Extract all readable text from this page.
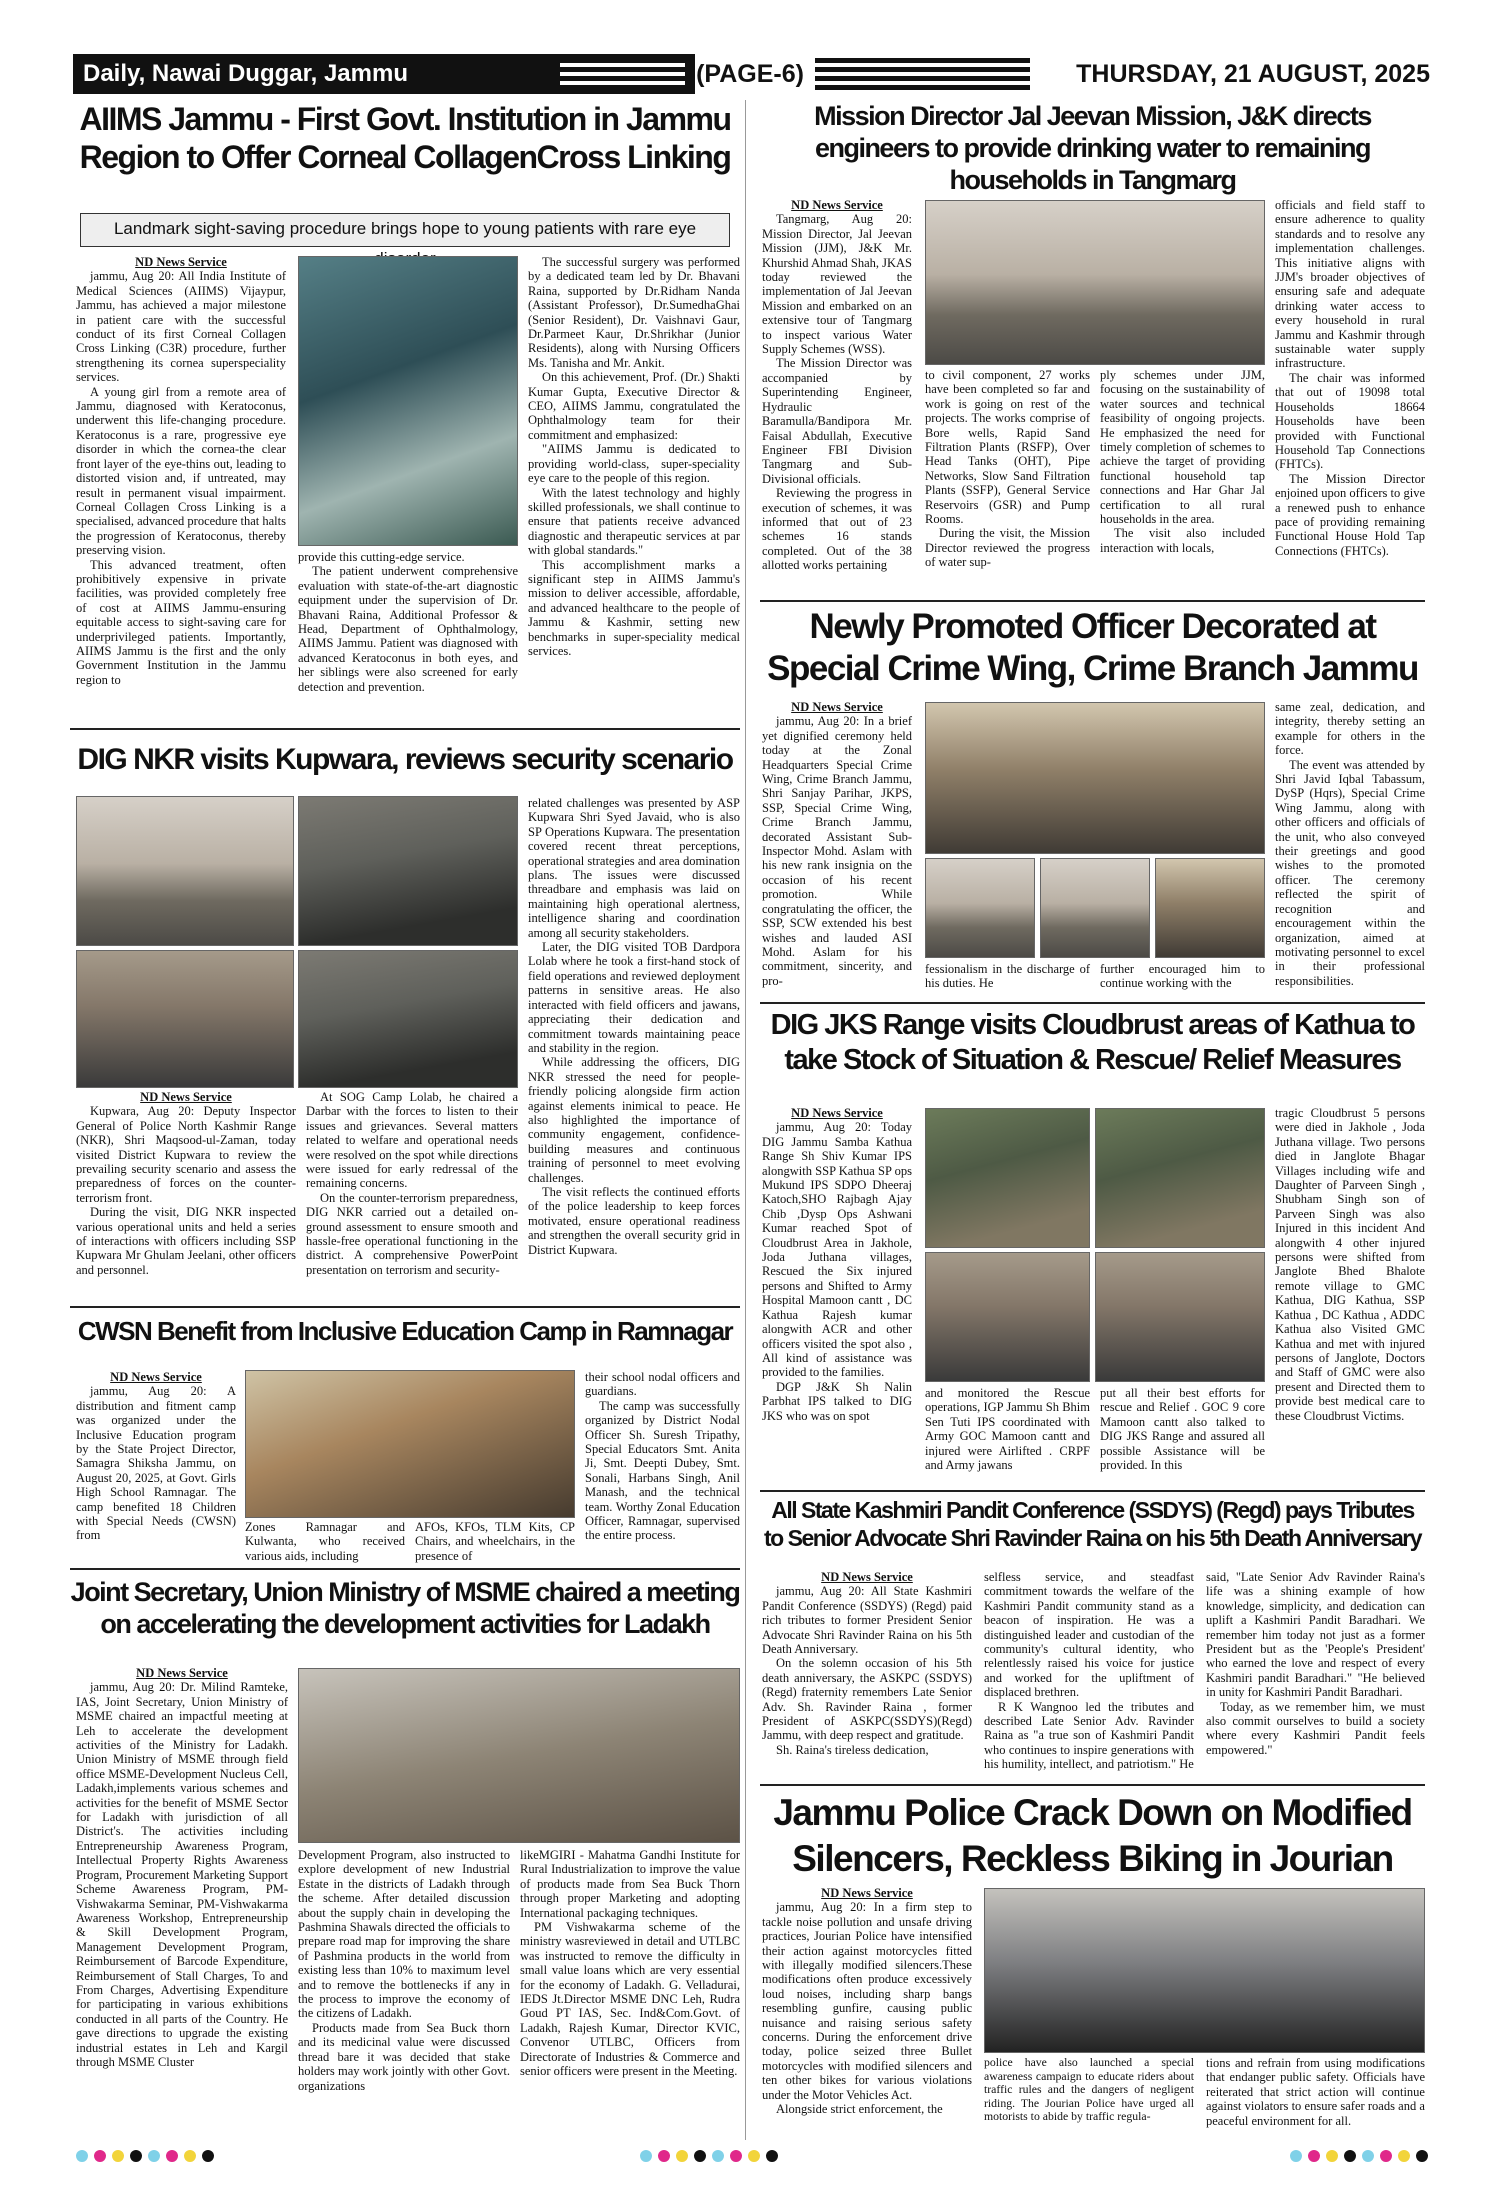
Daily, Nawai Duggar, Jammu	(PAGE-6)	THURSDAY, 21 AUGUST, 2025
AIIMS Jammu - First Govt. Institution in Jammu Region to Offer Corneal CollagenCross Linking
Landmark sight-saving procedure brings hope to young patients with rare eye

ND News Service

jammu, Aug 20: All India Institute of Medical Sciences (AIIMS) Vijaypur, Jammu, has achieved a major milestone in patient care with the successful conduct of its first Corneal Collagen Cross Linking (C3R) procedure, further strengthening its cornea superspeciality services.

A young girl from a remote area of Jammu, diagnosed with Keratoconus, underwent this life-changing procedure. Keratoconus is a rare, progressive eye disorder in which the cornea-the clear front layer of the eye-thins out, leading to distorted vision and, if untreated, may result in permanent visual impairment. Corneal Collagen Cross Linking is a specialised, advanced procedure that halts the progression of Keratoconus, thereby preserving vision.

This advanced treatment, often prohibitively expensive in private facilities, was provided completely free of cost at AIIMS Jammu-ensuring equitable access to sight-saving care for underprivileged patients. Importantly, AIIMS Jammu is the first and the only Government Institution in the Jammu region to

provide this cutting-edge service.

The patient underwent comprehensive evaluation with state-of-the-art diagnostic equipment under the supervision of Dr. Bhavani Raina, Additional Professor & Head, Department of Ophthalmology, AIIMS Jammu. Patient was diagnosed with advanced Keratoconus in both eyes, and her siblings were also screened for early detection and prevention.

The successful surgery was performed by a dedicated team led by Dr. Bhavani Raina, supported by Dr.Ridham Nanda (Assistant Professor), Dr.SumedhaGhai (Senior Resident), Dr. Vaishnavi Gaur, Dr.Parmeet Kaur, Dr.Shrikhar (Junior Residents), along with Nursing Officers Ms. Tanisha and Mr. Ankit.

On this achievement, Prof. (Dr.) Shakti Kumar Gupta, Executive Director & CEO, AIIMS Jammu, congratulated the Ophthalmology team for their commitment and emphasized:

"AIIMS Jammu is dedicated to providing world-class, super-speciality eye care to the people of this region.

With the latest technology and highly skilled professionals, we shall continue to ensure that patients receive advanced diagnostic and therapeutic services at par with global standards."

This accomplishment marks a significant step in AIIMS Jammu's mission to deliver accessible, affordable, and advanced healthcare to the people of Jammu & Kashmir, setting new benchmarks in super-speciality medical services.

DIG NKR visits Kupwara, reviews security scenario

ND News Service

Kupwara, Aug 20: Deputy Inspector General of Police North Kashmir Range (NKR), Shri Maqsood-ul-Zaman, today visited District Kupwara to review the prevailing security scenario and assess the preparedness of forces on the counter-terrorism front.

During the visit, DIG NKR inspected various operational units and held a series of interactions with officers including SSP Kupwara Mr Ghulam Jeelani, other officers and personnel.

At SOG Camp Lolab, he chaired a Darbar with the forces to listen to their issues and grievances. Several matters related to welfare and operational needs were resolved on the spot while directions were issued for early redressal of the remaining concerns.

On the counter-terrorism preparedness, DIG NKR carried out a detailed on-ground assessment to ensure smooth and hassle-free operational functioning in the district. A comprehensive PowerPoint presentation on terrorism and security-

related challenges was presented by ASP Kupwara Shri Syed Javaid, who is also SP Operations Kupwara. The presentation covered recent threat perceptions, operational strategies and area domination plans. The issues were discussed threadbare and emphasis was laid on maintaining high operational alertness, intelligence sharing and coordination among all security stakeholders.

Later, the DIG visited TOB Dardpora Lolab where he took a first-hand stock of field operations and reviewed deployment patterns in sensitive areas. He also interacted with field officers and jawans, appreciating their dedication and commitment towards maintaining peace and stability in the region.

While addressing the officers, DIG NKR stressed the need for people-friendly policing alongside firm action against elements inimical to peace. He also highlighted the importance of community engagement, confidence-building measures and continuous training of personnel to meet evolving challenges.

The visit reflects the continued efforts of the police leadership to keep forces motivated, ensure operational readiness and strengthen the overall security grid in District Kupwara.

CWSN Benefit from Inclusive Education Camp in Ramnagar

ND News Service

jammu, Aug 20: A distribution and fitment camp was organized under the Inclusive Education program by the State Project Director, Samagra Shiksha Jammu, on August 20, 2025, at Govt. Girls High School Ramnagar. The camp benefited 18 Children with Special Needs (CWSN) from

Zones Ramnagar and Kulwanta, who received various aids, including

AFOs, KFOs, TLM Kits, CP Chairs, and wheelchairs, in the presence of

their school nodal officers and guardians.

The camp was successfully organized by District Nodal Officer Sh. Suresh Tripathy, Special Educators Smt. Anita Ji, Smt. Deepti Dubey, Smt. Sonali, Harbans Singh, Anil Manash, and the technical team. Worthy Zonal Education Officer, Ramnagar, supervised the entire process.

Joint Secretary, Union Ministry of MSME chaired a meeting on accelerating the development activities for Ladakh

ND News Service

jammu, Aug 20: Dr. Milind Ramteke, IAS, Joint Secretary, Union Ministry of MSME chaired an impactful meeting at Leh to accelerate the development activities of the Ministry for Ladakh. Union Ministry of MSME through field office MSME-Development Nucleus Cell, Ladakh,implements various schemes and activities for the benefit of MSME Sector for Ladakh with jurisdiction of all District's. The activities including Entrepreneurship Awareness Program, Intellectual Property Rights Awareness Program, Procurement Marketing Support Scheme Awareness Program, PM-Vishwakarma Seminar, PM-Vishwakarma Awareness Workshop, Entrepreneurship & Skill Development Program, Management Development Program, Reimbursement of Barcode Expenditure, Reimbursement of Stall Charges, To and From Charges, Advertising Expenditure for participating in various exhibitions conducted in all parts of the Country. He gave directions to upgrade the existing industrial estates in Leh and Kargil through MSME Cluster

Development Program, also instructed to explore development of new Industrial Estate in the districts of Ladakh through the scheme. After detailed discussion about the supply chain in developing the Pashmina Shawals directed the officials to prepare road map for improving the share of Pashmina products in the world from existing less than 10% to maximum level and to remove the bottlenecks if any in the process to improve the economy of the citizens of Ladakh.

Products made from Sea Buck thorn and its medicinal value were discussed thread bare it was decided that stake holders may work jointly with other Govt. organizations

likeMGIRI - Mahatma Gandhi Institute for Rural Industrialization to improve the value of products made from Sea Buck Thorn through proper Marketing and adopting International packaging techniques.

PM Vishwakarma scheme of the ministry wasreviewed in detail and UTLBC was instructed to remove the difficulty in small value loans which are very essential for the economy of Ladakh. G. Velladurai, IEDS Jt.Director MSME DNC Leh, Rudra Goud PT IAS, Sec. Ind&Com.Govt. of Ladakh, Rajesh Kumar, Director KVIC, Convenor UTLBC, Officers from Directorate of Industries & Commerce and senior officers were present in the Meeting.

Mission Director Jal Jeevan Mission, J&K directs engineers to provide drinking water to remaining households in Tangmarg

ND News Service

Tangmarg, Aug 20: Mission Director, Jal Jeevan Mission (JJM), J&K Mr. Khurshid Ahmad Shah, JKAS today reviewed the implementation of Jal Jeevan Mission and embarked on an extensive tour of Tangmarg to inspect various Water Supply Schemes (WSS).

The Mission Director was accompanied by Superintending Engineer, Hydraulic Baramulla/Bandipora Mr. Faisal Abdullah, Executive Engineer FBI Division Tangmarg and Sub-Divisional officials.

Reviewing the progress in execution of schemes, it was informed that out of 23 schemes 16 stands completed. Out of the 38 allotted works pertaining

to civil component, 27 works have been completed so far and work is going on rest of the projects. The works comprise of Bore wells, Rapid Sand Filtration Plants (RSFP), Over Head Tanks (OHT), Pipe Networks, Slow Sand Filtration Plants (SSFP), General Service Reservoirs (GSR) and Pump Rooms.

During the visit, the Mission Director reviewed the progress of water sup-

ply schemes under JJM, focusing on the sustainability of water sources and technical feasibility of ongoing projects. He emphasized the need for timely completion of schemes to achieve the target of providing functional household tap connections and Har Ghar Jal certification to all rural households in the area.

The visit also included interaction with locals,

officials and field staff to ensure adherence to quality standards and to resolve any implementation challenges. This initiative aligns with JJM's broader objectives of ensuring safe and adequate drinking water access to every household in rural Jammu and Kashmir through sustainable water supply infrastructure.

The chair was informed that out of 19098 total Households 18664 Households have been provided with Functional Household Tap Connections (FHTCs).

The Mission Director enjoined upon officers to give a renewed push to enhance pace of providing remaining Functional House Hold Tap Connections (FHTCs).

Newly Promoted Officer Decorated at Special Crime Wing, Crime Branch Jammu

ND News Service

jammu, Aug 20: In a brief yet dignified ceremony held today at the Zonal Headquarters Special Crime Wing, Crime Branch Jammu, Shri Sanjay Parihar, JKPS, SSP, Special Crime Wing, Crime Branch Jammu, decorated Assistant Sub-Inspector Mohd. Aslam with his new rank insignia on the occasion of his recent promotion. While congratulating the officer, the SSP, SCW extended his best wishes and lauded ASI Mohd. Aslam for his commitment, sincerity, and pro-

fessionalism in the discharge of his duties. He

further encouraged him to continue working with the

same zeal, dedication, and integrity, thereby setting an example for others in the force.

The event was attended by Shri Javid Iqbal Tabassum, DySP (Hqrs), Special Crime Wing Jammu, along with other officers and officials of the unit, who also conveyed their greetings and good wishes to the promoted officer. The ceremony reflected the spirit of recognition and encouragement within the organization, aimed at motivating personnel to excel in their professional responsibilities.

DIG JKS Range visits Cloudbrust areas of Kathua to take Stock of Situation & Rescue/ Relief Measures

ND News Service

jammu, Aug 20: Today DIG Jammu Samba Kathua Range Sh Shiv Kumar IPS alongwith SSP Kathua SP ops Mukund IPS SDPO Dheeraj Katoch,SHO Rajbagh Ajay Chib ,Dysp Ops Ashwani Kumar reached Spot of Cloudbrust Area in Jakhole, Joda Juthana villages, Rescued the Six injured persons and Shifted to Army Hospital Mamoon cantt , DC Kathua Rajesh kumar alongwith ACR and other officers visited the spot also , All kind of assistance was provided to the families.

DGP J&K Sh Nalin Parbhat IPS talked to DIG JKS who was on spot

and monitored the Rescue operations, IGP Jammu Sh Bhim Sen Tuti IPS coordinated with Army GOC Mamoon cantt and injured were Airlifted . CRPF and Army jawans

put all their best efforts for rescue and Relief . GOC 9 core Mamoon cantt also talked to DIG JKS Range and assured all possible Assistance will be provided. In this

tragic Cloudbrust 5 persons were died in Jakhole , Joda Juthana village. Two persons died in Janglote Bhagar Villages including wife and Daughter of Parveen Singh , Shubham Singh son of Parveen Singh was also Injured in this incident And alongwith 4 other injured persons were shifted from Janglote Bhed Bhalote remote village to GMC Kathua, DIG Kathua, SSP Kathua , DC Kathua , ADDC Kathua also Visited GMC Kathua and met with injured persons of Janglote, Doctors and Staff of GMC were also present and Directed them to provide best medical care to these Cloudbrust Victims.

All State Kashmiri Pandit Conference (SSDYS) (Regd) pays Tributes to Senior Advocate Shri Ravinder Raina on his 5th Death Anniversary

ND News Service

jammu, Aug 20: All State Kashmiri Pandit Conference (SSDYS) (Regd) paid rich tributes to former President Senior Advocate Shri Ravinder Raina on his 5th Death Anniversary.

On the solemn occasion of his 5th death anniversary, the ASKPC (SSDYS)(Regd) fraternity remembers Late Senior Adv. Sh. Ravinder Raina , former President of ASKPC(SSDYS)(Regd) Jammu, with deep respect and gratitude.

Sh. Raina's tireless dedication,

selfless service, and steadfast commitment towards the welfare of the Kashmiri Pandit community stand as a beacon of inspiration. He was a distinguished leader and custodian of the community's cultural identity, who relentlessly raised his voice for justice and worked for the upliftment of displaced brethren.

R K Wangnoo led the tributes and described Late Senior Adv. Ravinder Raina as "a true son of Kashmiri Pandit who continues to inspire generations with his humility, intellect, and patriotism." He

said, "Late Senior Adv Ravinder Raina's life was a shining example of how knowledge, simplicity, and dedication can uplift a Kashmiri Pandit Baradhari. We remember him today not just as a former President but as the 'People's President' who earned the love and respect of every Kashmiri pandit Baradhari." "He believed in unity for Kashmiri Pandit Baradhari.

Today, as we remember him, we must also commit ourselves to build a society where every Kashmiri Pandit feels empowered."

Jammu Police Crack Down on Modified Silencers, Reckless Biking in Jourian

ND News Service

jammu, Aug 20: In a firm step to tackle noise pollution and unsafe driving practices, Jourian Police have intensified their action against motorcycles fitted with illegally modified silencers.These modifications often produce excessively loud noises, including sharp bangs resembling gunfire, causing public nuisance and raising serious safety concerns. During the enforcement drive today, police seized three Bullet motorcycles with modified silencers and ten other bikes for various violations under the Motor Vehicles Act.

Alongside strict enforcement, the

police have also launched a special awareness campaign to educate riders about traffic rules and the dangers of negligent riding. The Jourian Police have urged all motorists to abide by traffic regula-

tions and refrain from using modifications that endanger public safety. Officials have reiterated that strict action will continue against violators to ensure safer roads and a peaceful environment for all.
